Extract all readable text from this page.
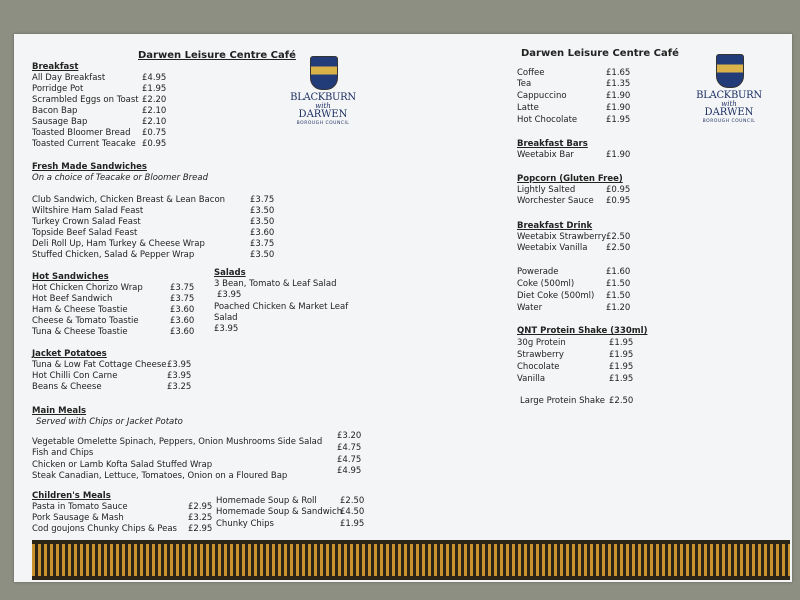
Darwen Leisure Centre Café
BLACKBURN
with
DARWEN
BOROUGH COUNCIL
Breakfast
All Day Breakfast	£4.95
Porridge Pot	£1.95
Scrambled Eggs on Toast £2.20
Bacon Bap	£2.10
Sausage Bap	£2.10
Toasted Bloomer Bread £0.75
Toasted Current Teacake £0.95
Fresh Made Sandwiches
On a choice of Teacake or Bloomer Bread
Club Sandwich, Chicken Breast & Lean Bacon	£3.75
Wiltshire Ham Salad Feast	£3.50
Turkey Crown Salad Feast	£3.50
Topside Beef Salad Feast	£3.60
Deli Roll Up, Ham Turkey & Cheese Wrap	£3.75
Stuffed Chicken, Salad & Pepper Wrap	£3.50
Hot Sandwiches
Hot Chicken Chorizo Wrap	£3.75
Hot Beef Sandwich	£3.75
Ham & Cheese Toastie	£3.60
Cheese & Tomato Toastie	£3.60
Tuna & Cheese Toastie	£3.60
Salads
3 Bean, Tomato & Leaf Salad
£3.95
Poached Chicken & Market Leaf
Salad
£3.95
Jacket Potatoes
Tuna & Low Fat Cottage Cheese £3.95
Hot Chilli Con Carne	£3.95
Beans & Cheese	£3.25
Main Meals
Served with Chips or Jacket Potato
Vegetable Omelette Spinach, Peppers, Onion Mushrooms Side Salad
£3.20
Fish and Chips	£4.75
Chicken or Lamb Kofta Salad Stuffed Wrap	£4.75
Steak Canadian, Lettuce, Tomatoes, Onion on a Floured Bap	£4.95
Children's Meals
Pasta in Tomato Sauce	£2.95
Pork Sausage & Mash	£3.25
Cod goujons Chunky Chips & Peas £2.95
Homemade Soup & Roll	£2.50
Homemade Soup & Sandwich
£4.50
Chunky Chips	£1.95
Darwen Leisure Centre Café
BLACKBURN
with
DARWEN
BOROUGH COUNCIL
Coffee	£1.65
Tea	£1.35
Cappuccino	£1.90
Latte	£1.90
Hot Chocolate	£1.95
Breakfast Bars
Weetabix Bar	£1.90
Popcorn (Gluten Free)
Lightly Salted	£0.95
Worchester Sauce £0.95
Breakfast Drink
Weetabix Strawberry £2.50
Weetabix Vanilla £2.50
Powerade	£1.60
Coke (500ml)	£1.50
Diet Coke (500ml) £1.50
Water	£1.20
QNT Protein Shake (330ml)
30g Protein	£1.95
Strawberry	£1.95
Chocolate	£1.95
Vanilla	£1.95
Large Protein Shake £2.50
